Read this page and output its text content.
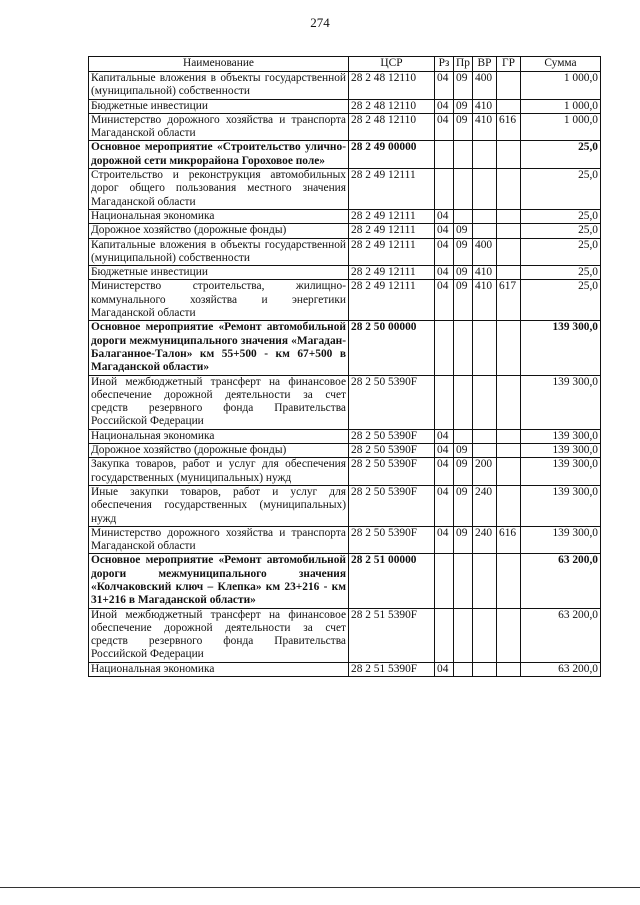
274
Наименование	ЦСР	Рз	Пр	ВР	ГР	Сумма
Капитальные вложения в объекты государственной (муниципальной) собственности	28 2 48 12110	04	09	400		1 000,0
Бюджетные инвестиции	28 2 48 12110	04	09	410		1 000,0
Министерство дорожного хозяйства и транспорта Магаданской области	28 2 48 12110	04	09	410	616	1 000,0
Основное мероприятие «Строительство улично-дорожной сети микрорайона Гороховое поле»	28 2 49 00000					25,0
Строительство и реконструкция автомобильных дорог общего пользования местного значения Магаданской области	28 2 49 12111					25,0
Национальная экономика	28 2 49 12111	04				25,0
Дорожное хозяйство (дорожные фонды)	28 2 49 12111	04	09			25,0
Капитальные вложения в объекты государственной (муниципальной) собственности	28 2 49 12111	04	09	400		25,0
Бюджетные инвестиции	28 2 49 12111	04	09	410		25,0
Министерство строительства, жилищно-коммунального хозяйства и энергетики Магаданской области	28 2 49 12111	04	09	410	617	25,0
Основное мероприятие «Ремонт автомобильной дороги межмуниципального значения «Магадан-Балаганное-Талон» км 55+500 - км 67+500 в Магаданской области»	28 2 50 00000					139 300,0
Иной межбюджетный трансферт на финансовое обеспечение дорожной деятельности за счет средств резервного фонда Правительства Российской Федерации	28 2 50 5390F					139 300,0
Национальная экономика	28 2 50 5390F	04				139 300,0
Дорожное хозяйство (дорожные фонды)	28 2 50 5390F	04	09			139 300,0
Закупка товаров, работ и услуг для обеспечения государственных (муниципальных) нужд	28 2 50 5390F	04	09	200		139 300,0
Иные закупки товаров, работ и услуг для обеспечения государственных (муниципальных) нужд	28 2 50 5390F	04	09	240		139 300,0
Министерство дорожного хозяйства и транспорта Магаданской области	28 2 50 5390F	04	09	240	616	139 300,0
Основное мероприятие «Ремонт автомобильной дороги межмуниципального значения «Колчаковский ключ – Клепка» км 23+216 - км 31+216 в Магаданской области»	28 2 51 00000					63 200,0
Иной межбюджетный трансферт на финансовое обеспечение дорожной деятельности за счет средств резервного фонда Правительства Российской Федерации	28 2 51 5390F					63 200,0
Национальная экономика	28 2 51 5390F	04				63 200,0
